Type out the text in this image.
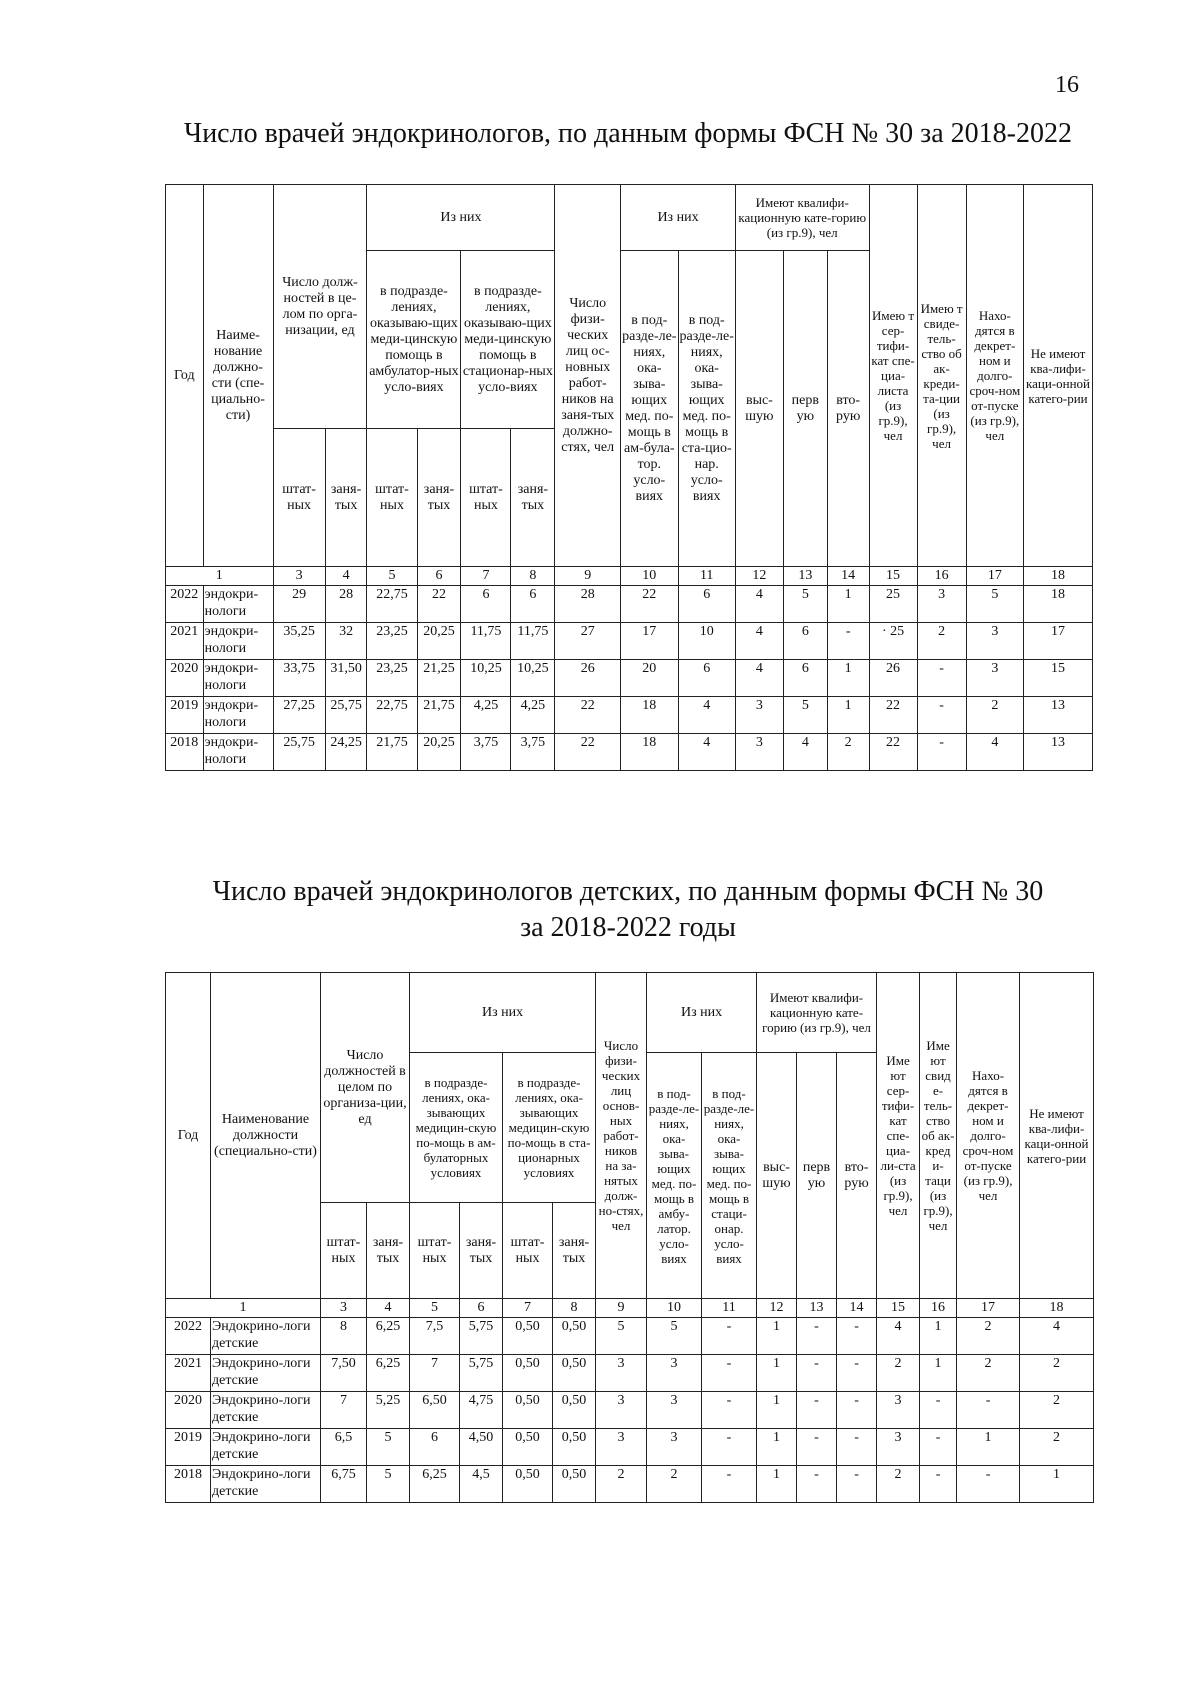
16
Число врачей эндокринологов, по данным формы ФСН № 30 за 2018-2022
Год	Наиме-нование должно-сти (спе-циально-сти)	Число долж-ностей в це-лом по орга-низации, ед		Из них				Число физи-ческих лиц ос-новных работ-ников на заня-тых должно-стях, чел	Из них		Имеют квалифи-кационную кате-горию (из гр.9), чел			Имею т сер-тифи-кат спе-циа-листа (из гр.9), чел	Имею т свиде-тель-ство об ак-креди-та-ции (из гр.9), чел	Нахо-дятся в декрет-ном и долго-сроч-ном от-пуске (из гр.9), чел	Не имеют ква-лифи-каци-онной катего-рии
				в подразде-лениях, оказываю-щих меди-цинскую помощь в амбулатор-ных усло-виях		в подразде-лениях, оказываю-щих меди-цинскую помощь в стационар-ных усло-виях			в под-разде-ле-ниях, ока-зыва-ющих мед. по-мощь в ам-була-тор. усло-виях	в под-разде-ле-ниях, ока-зыва-ющих мед. по-мощь в ста-цио-нар. усло-виях	выс-шую	перв ую	вто-рую				
		штат-ных	заня-тых	штат-ных	заня-тых	штат-ных	заня-тых										
1		3	4	5	6	7	8	9	10	11	12	13	14	15	16	17	18
2022	эндокри-нологи	29	28	22,75	22	6	6	28	22	6	4	5	1	25	3	5	18
2021	эндокри-нологи	35,25	32	23,25	20,25	11,75	11,75	27	17	10	4	6	-	· 25	2	3	17
2020	эндокри-нологи	33,75	31,50	23,25	21,25	10,25	10,25	26	20	6	4	6	1	26	-	3	15
2019	эндокри-нологи	27,25	25,75	22,75	21,75	4,25	4,25	22	18	4	3	5	1	22	-	2	13
2018	эндокри-нологи	25,75	24,25	21,75	20,25	3,75	3,75	22	18	4	3	4	2	22	-	4	13
Число врачей эндокринологов детских, по данным формы ФСН № 30
за 2018-2022 годы
Год	Наименование должности (специально-сти)	Число должностей в целом по организа-ции, ед		Из них				Число физи-ческих лиц основ-ных работ-ников на за-нятых долж-но-стях, чел	Из них		Имеют квалифи-кационную кате-горию (из гр.9), чел			Име ют сер-тифи-кат спе-циа-ли-ста (из гр.9), чел	Име ют свид е-тель-ство об ак-кред и-таци (из гр.9), чел	Нахо-дятся в декрет-ном и долго-сроч-ном от-пуске (из гр.9), чел	Не имеют ква-лифи-каци-онной катего-рии
				в подразде-лениях, ока-зывающих медицин-скую по-мощь в ам-булаторных условиях		в подразде-лениях, ока-зывающих медицин-скую по-мощь в ста-ционарных условиях			в под-разде-ле-ниях, ока-зыва-ющих мед. по-мощь в амбу-латор. усло-виях	в под-разде-ле-ниях, ока-зыва-ющих мед. по-мощь в стаци-онар. усло-виях	выс-шую	перв ую	вто-рую				
		штат-ных	заня-тых	штат-ных	заня-тых	штат-ных	заня-тых										
1		3	4	5	6	7	8	9	10	11	12	13	14	15	16	17	18
2022	Эндокрино-логи детские	8	6,25	7,5	5,75	0,50	0,50	5	5	-	1	-	-	4	1	2	4
2021	Эндокрино-логи детские	7,50	6,25	7	5,75	0,50	0,50	3	3	-	1	-	-	2	1	2	2
2020	Эндокрино-логи детские	7	5,25	6,50	4,75	0,50	0,50	3	3	-	1	-	-	3	-	-	2
2019	Эндокрино-логи детские	6,5	5	6	4,50	0,50	0,50	3	3	-	1	-	-	3	-	1	2
2018	Эндокрино-логи детские	6,75	5	6,25	4,5	0,50	0,50	2	2	-	1	-	-	2	-	-	1
